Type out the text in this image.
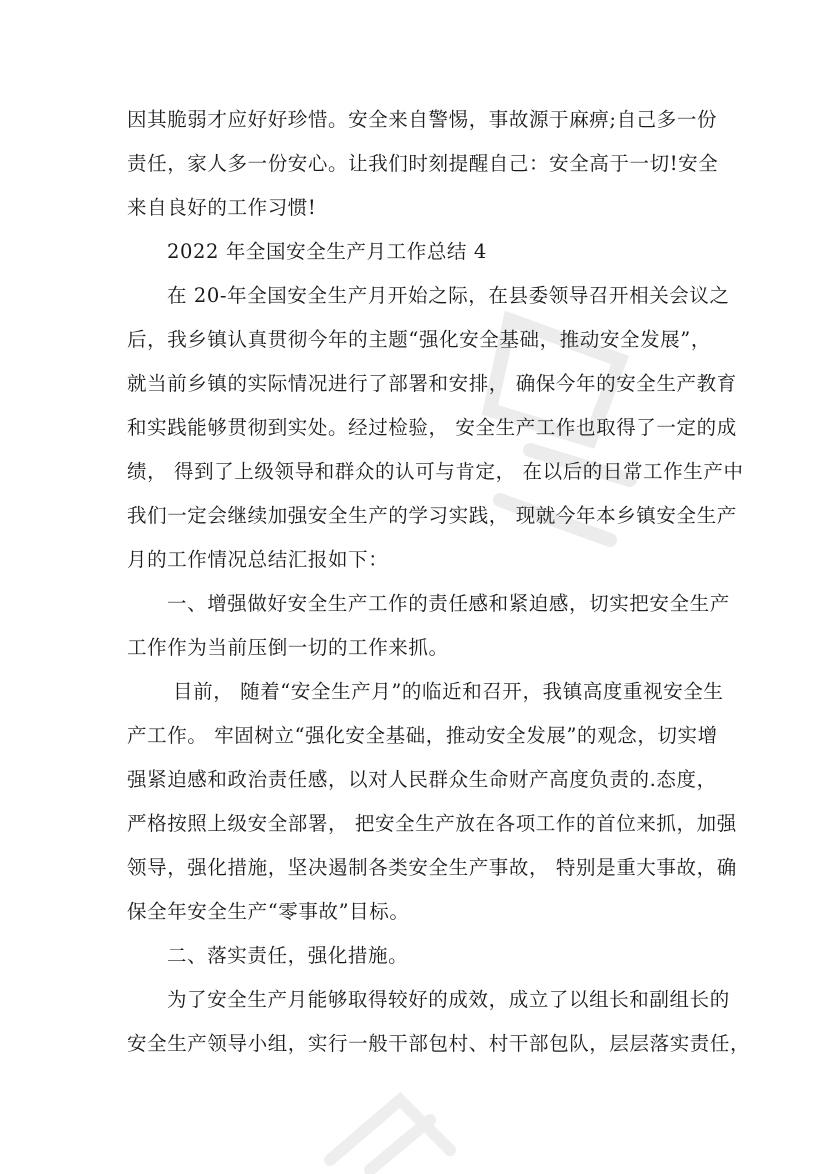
因其脆弱才应好好珍惜。安全来自警惕，事故源于麻痹;自己多一份
责任，家人多一份安心。让我们时刻提醒自己：安全高于一切!安全
来自良好的工作习惯!
2022 年全国安全生产月工作总结 4
在 20-年全国安全生产月开始之际，在县委领导召开相关会议之
后，我乡镇认真贯彻今年的主题“强化安全基础，推动安全发展”，
就当前乡镇的实际情况进行了部署和安排， 确保今年的安全生产教育
和实践能够贯彻到实处。经过检验， 安全生产工作也取得了一定的成
绩， 得到了上级领导和群众的认可与肯定， 在以后的日常工作生产中
我们一定会继续加强安全生产的学习实践， 现就今年本乡镇安全生产
月的工作情况总结汇报如下：
一、增强做好安全生产工作的责任感和紧迫感，切实把安全生产
工作作为当前压倒一切的工作来抓。
目前， 随着“安全生产月”的临近和召开，我镇高度重视安全生
产工作。 牢固树立“强化安全基础，推动安全发展”的观念，切实增
强紧迫感和政治责任感，以对人民群众生命财产高度负责的.态度，
严格按照上级安全部署， 把安全生产放在各项工作的首位来抓，加强
领导，强化措施，坚决遏制各类安全生产事故， 特别是重大事故，确
保全年安全生产“零事故”目标。
二、落实责任，强化措施。
为了安全生产月能够取得较好的成效，成立了以组长和副组长的
安全生产领导小组，实行一般干部包村、村干部包队，层层落实责任，
